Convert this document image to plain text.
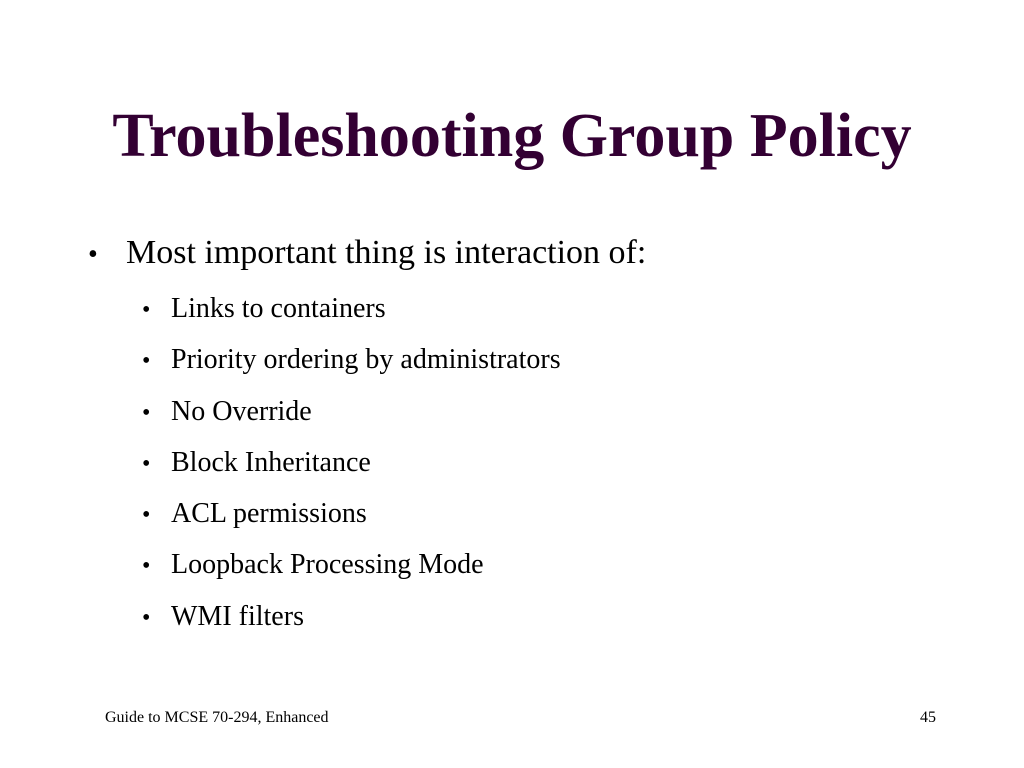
Troubleshooting Group Policy
• Most important thing is interaction of:
• Links to containers
• Priority ordering by administrators
• No Override
• Block Inheritance
• ACL permissions
• Loopback Processing Mode
• WMI filters
Guide to MCSE 70-294, Enhanced	45
